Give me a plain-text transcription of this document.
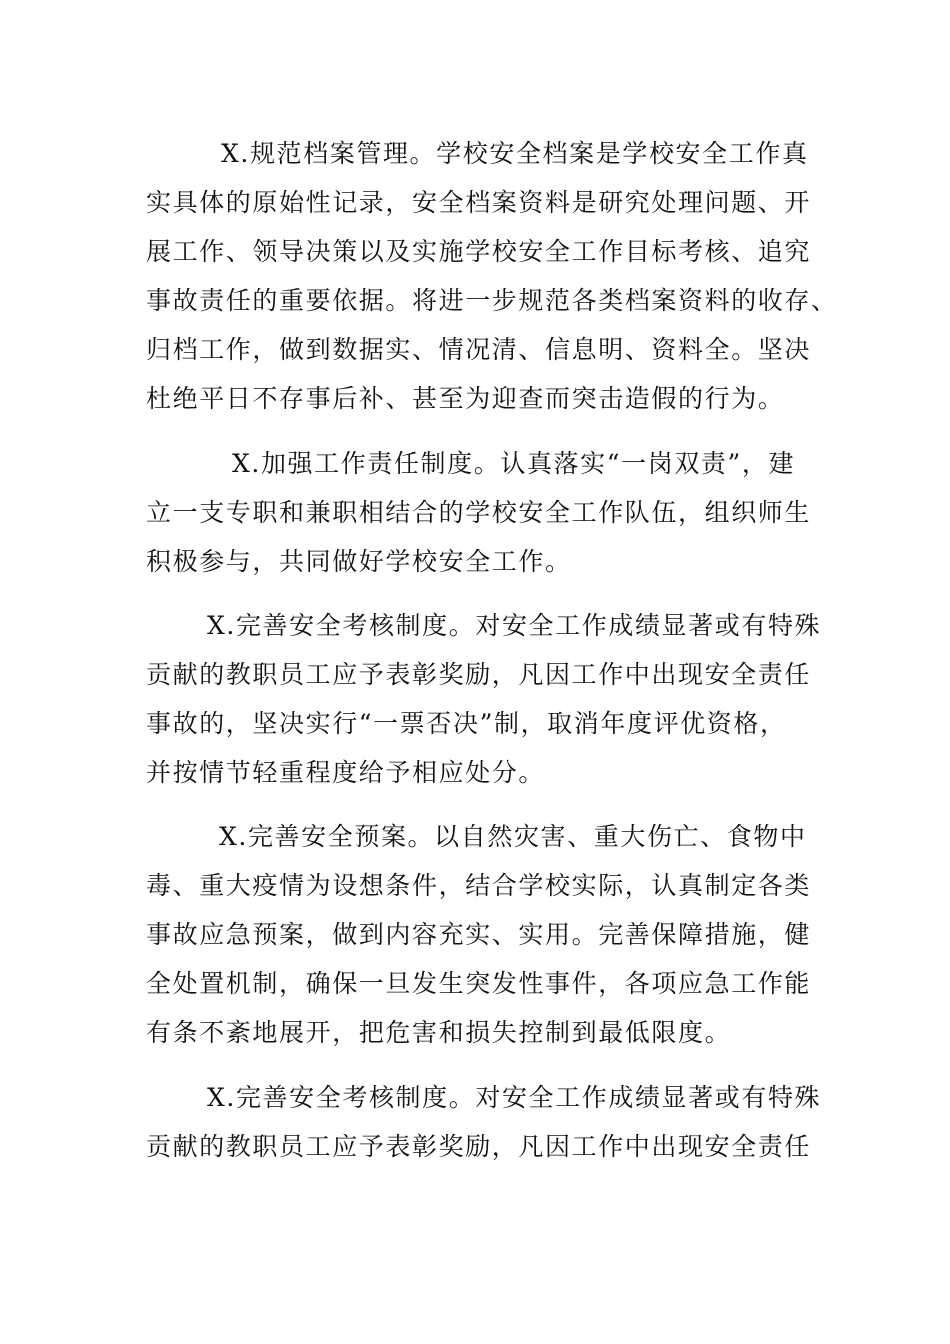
X.规范档案管理。学校安全档案是学校安全工作真
实具体的原始性记录，安全档案资料是研究处理问题、开
展工作、领导决策以及实施学校安全工作目标考核、追究
事故责任的重要依据。将进一步规范各类档案资料的收存、
归档工作，做到数据实、情况清、信息明、资料全。坚决
杜绝平日不存事后补、甚至为迎查而突击造假的行为。
X.加强工作责任制度。认真落实“一岗双责”，建
立一支专职和兼职相结合的学校安全工作队伍，组织师生
积极参与，共同做好学校安全工作。
X.完善安全考核制度。对安全工作成绩显著或有特殊
贡献的教职员工应予表彰奖励，凡因工作中出现安全责任
事故的，坚决实行“一票否决”制，取消年度评优资格，
并按情节轻重程度给予相应处分。
X.完善安全预案。以自然灾害、重大伤亡、食物中
毒、重大疫情为设想条件，结合学校实际，认真制定各类
事故应急预案，做到内容充实、实用。完善保障措施，健
全处置机制，确保一旦发生突发性事件，各项应急工作能
有条不紊地展开，把危害和损失控制到最低限度。
X.完善安全考核制度。对安全工作成绩显著或有特殊
贡献的教职员工应予表彰奖励，凡因工作中出现安全责任
